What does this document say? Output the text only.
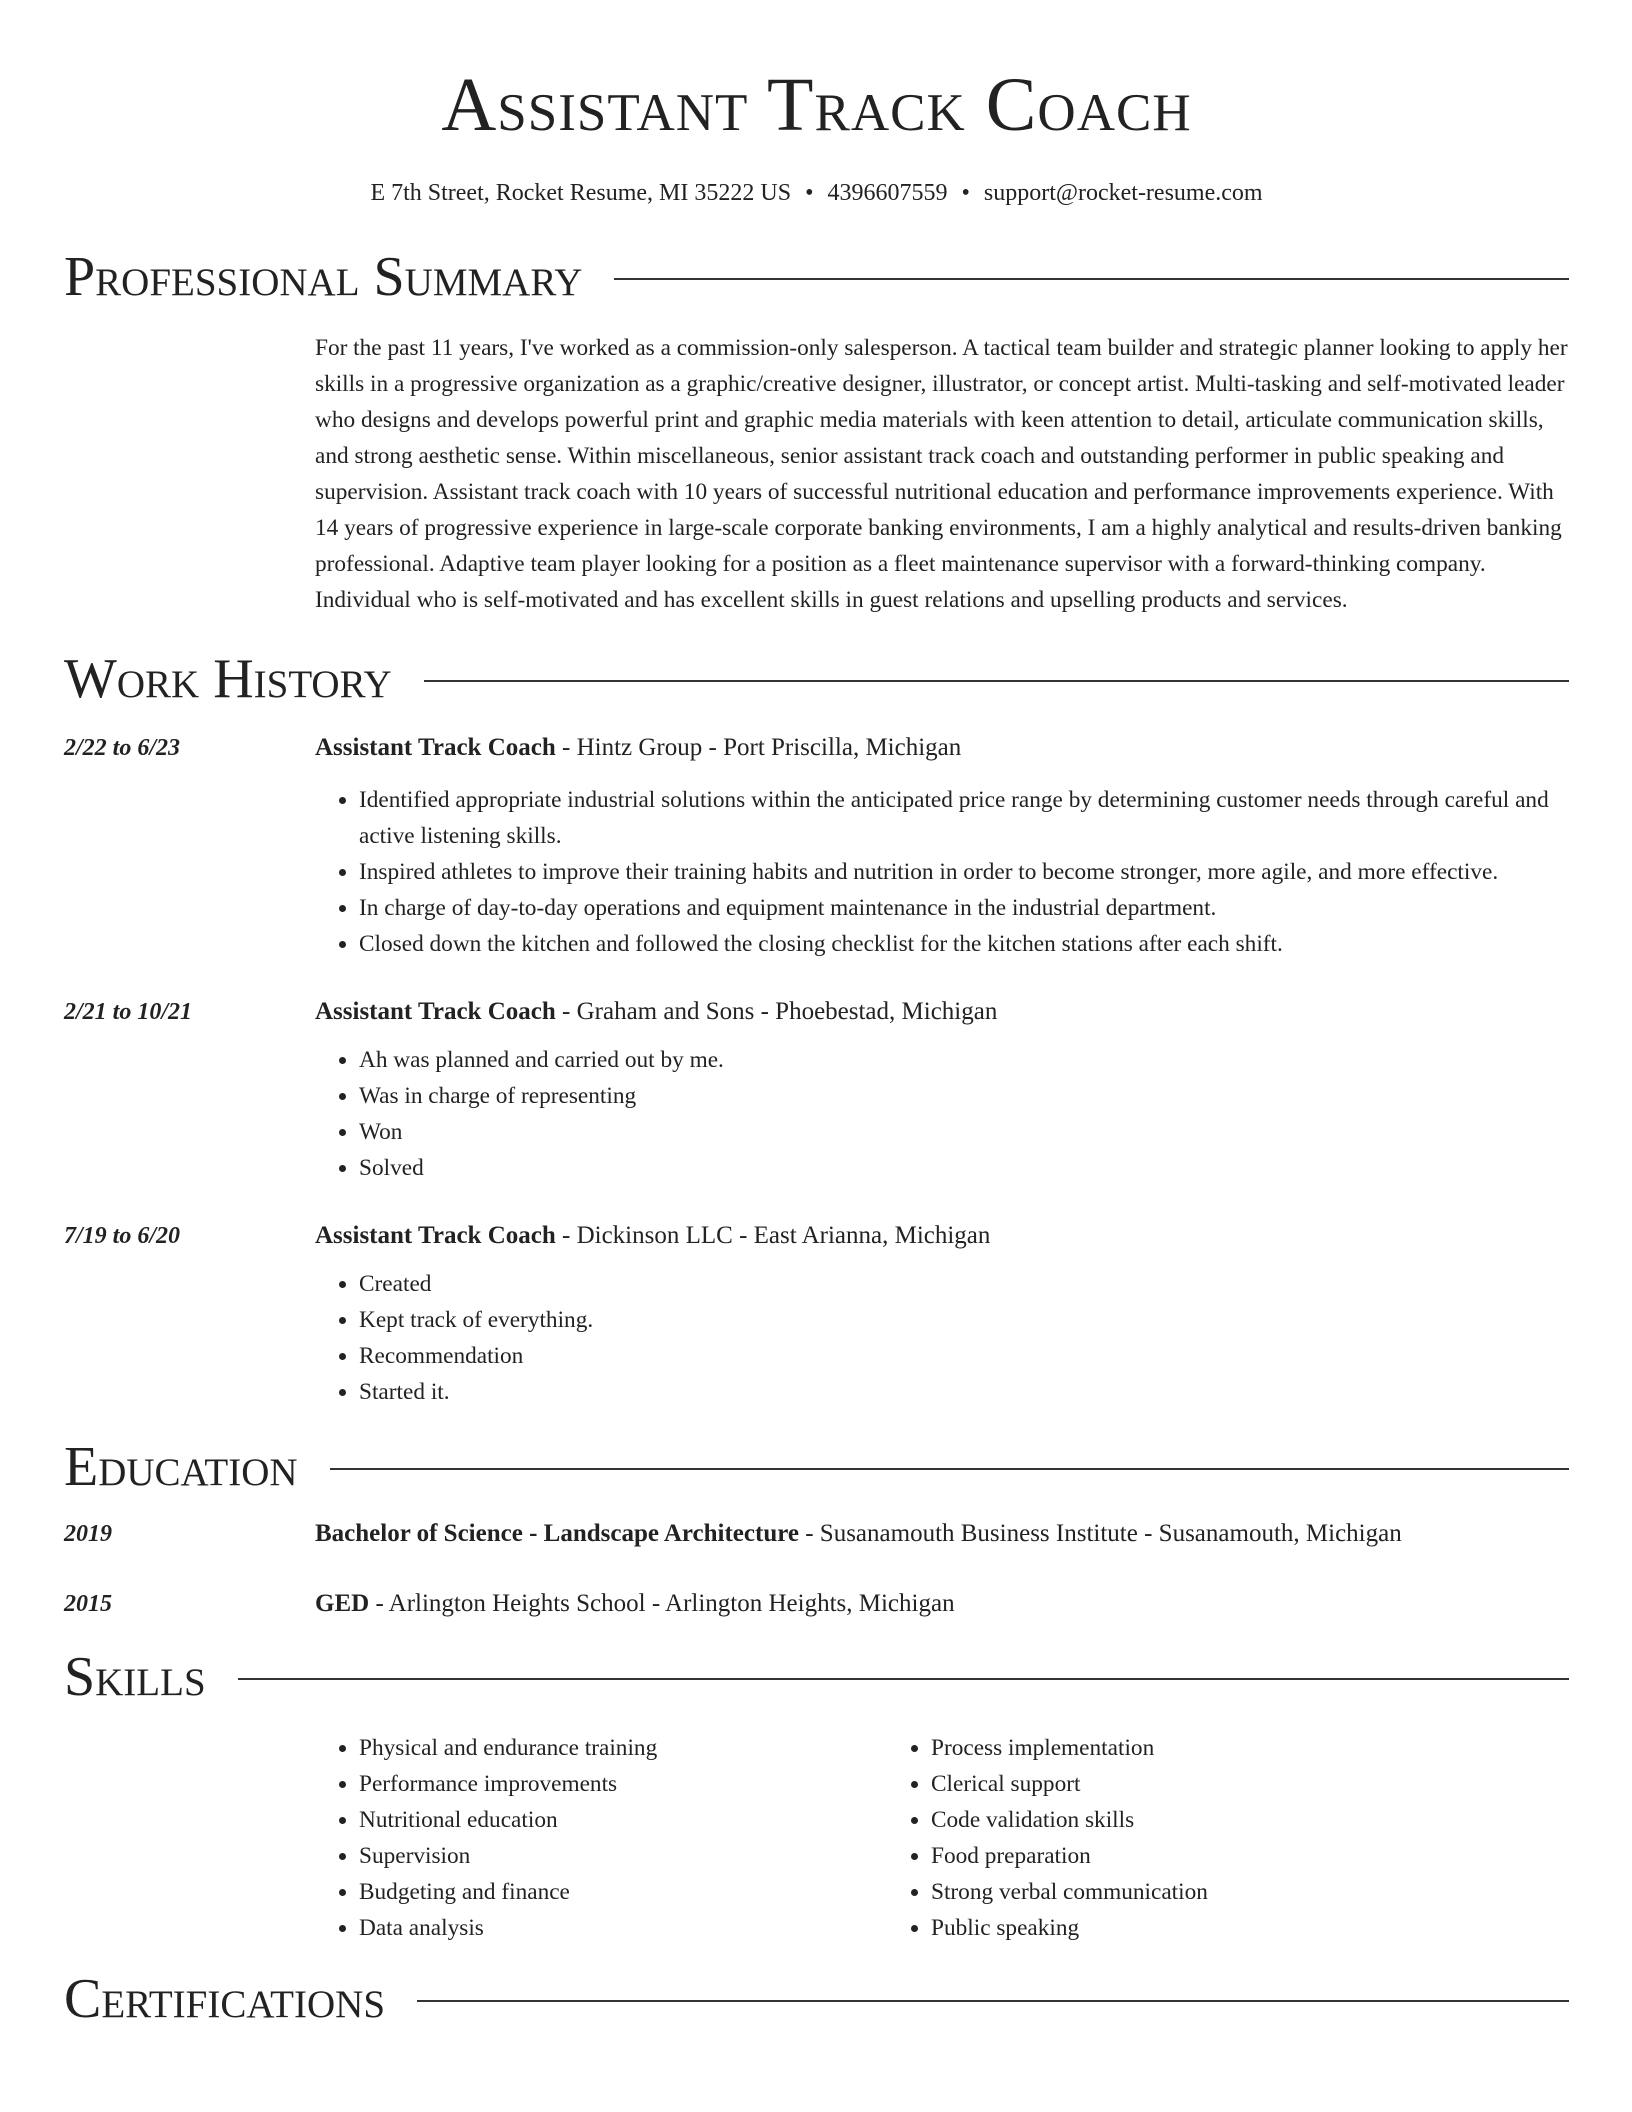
Assistant Track Coach
E 7th Street, Rocket Resume, MI 35222 US • 4396607559 • support@rocket-resume.com
Professional Summary
For the past 11 years, I've worked as a commission-only salesperson. A tactical team builder and strategic planner looking to apply her skills in a progressive organization as a graphic/creative designer, illustrator, or concept artist. Multi-tasking and self-motivated leader who designs and develops powerful print and graphic media materials with keen attention to detail, articulate communication skills, and strong aesthetic sense. Within miscellaneous, senior assistant track coach and outstanding performer in public speaking and supervision. Assistant track coach with 10 years of successful nutritional education and performance improvements experience. With 14 years of progressive experience in large-scale corporate banking environments, I am a highly analytical and results-driven banking professional. Adaptive team player looking for a position as a fleet maintenance supervisor with a forward-thinking company. Individual who is self-motivated and has excellent skills in guest relations and upselling products and services.
Work History
2/22 to 6/23	Assistant Track Coach - Hintz Group - Port Priscilla, Michigan
• Identified appropriate industrial solutions within the anticipated price range by determining customer needs through careful and active listening skills.
• Inspired athletes to improve their training habits and nutrition in order to become stronger, more agile, and more effective.
• In charge of day-to-day operations and equipment maintenance in the industrial department.
• Closed down the kitchen and followed the closing checklist for the kitchen stations after each shift.
2/21 to 10/21	Assistant Track Coach - Graham and Sons - Phoebestad, Michigan
• Ah was planned and carried out by me.
• Was in charge of representing
• Won
• Solved
7/19 to 6/20	Assistant Track Coach - Dickinson LLC - East Arianna, Michigan
• Created
• Kept track of everything.
• Recommendation
• Started it.
Education
2019	Bachelor of Science - Landscape Architecture - Susanamouth Business Institute - Susanamouth, Michigan
2015	GED - Arlington Heights School - Arlington Heights, Michigan
Skills
• Physical and endurance training
• Performance improvements
• Nutritional education
• Supervision
• Budgeting and finance
• Data analysis
• Process implementation
• Clerical support
• Code validation skills
• Food preparation
• Strong verbal communication
• Public speaking
Certifications
